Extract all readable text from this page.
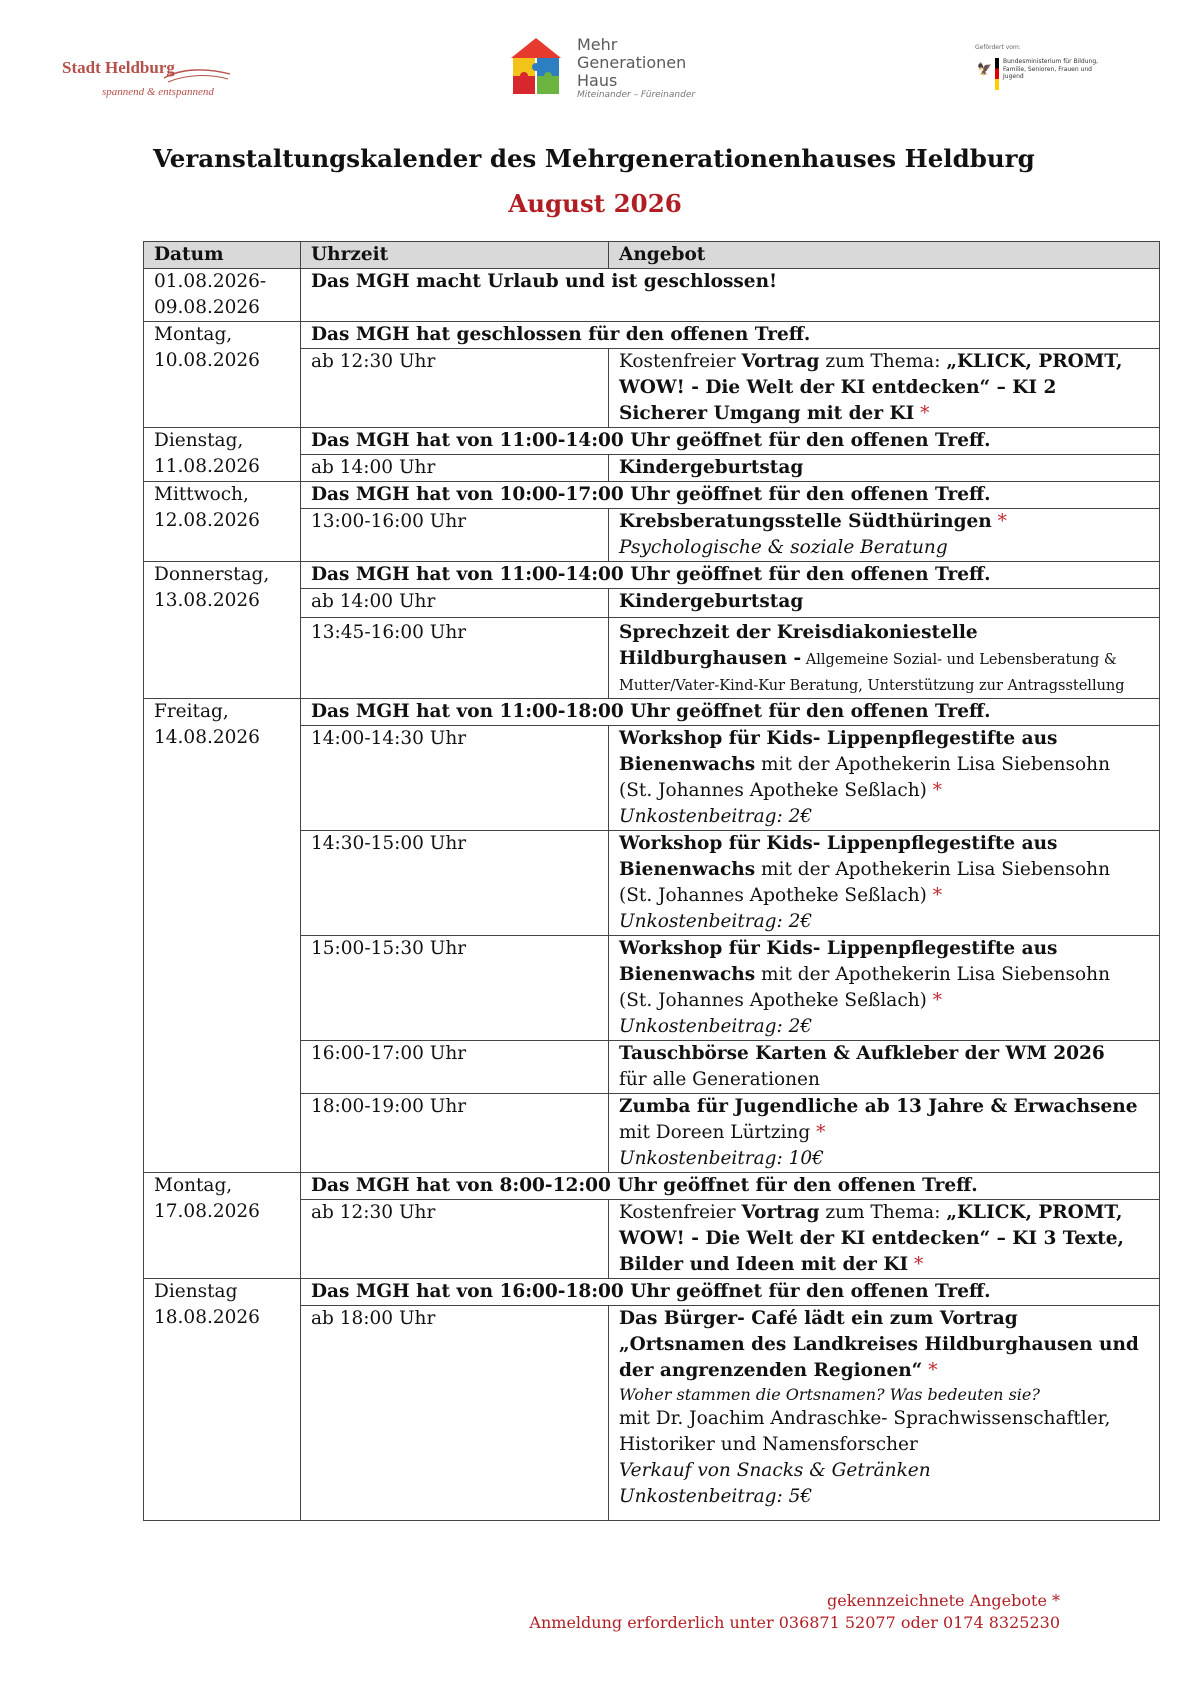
Stadt Heldburg
spannend & entspannend
Mehr
Generationen
Haus
Miteinander – Füreinander
Gefördert vom:
🦅
Bundesministerium für Bildung, Familie, Senioren, Frauen und Jugend
Veranstaltungskalender des Mehrgenerationenhauses Heldburg
August 2026
Datum	Uhrzeit	Angebot

01.08.2026-09.08.2026	Das MGH macht Urlaub und ist geschlossen!	

Montag,
10.08.2026	Das MGH hat geschlossen für den offenen Treff.	
	ab 12:30 Uhr	Kostenfreier Vortrag zum Thema: „KLICK, PROMT, WOW! - Die Welt der KI entdecken“ – KI 2 Sicherer Umgang mit der KI *

Dienstag,
11.08.2026	Das MGH hat von 11:00-14:00 Uhr geöffnet für den offenen Treff.	
	ab 14:00 Uhr	Kindergeburtstag

Mittwoch,
12.08.2026	Das MGH hat von 10:00-17:00 Uhr geöffnet für den offenen Treff.	
	13:00-16:00 Uhr	Krebsberatungsstelle Südthüringen *
Psychologische & soziale Beratung

Donnerstag,
13.08.2026	Das MGH hat von 11:00-14:00 Uhr geöffnet für den offenen Treff.	
	ab 14:00 Uhr	Kindergeburtstag
	13:45-16:00 Uhr	Sprechzeit der Kreisdiakoniestelle Hildburghausen - Allgemeine Sozial- und Lebensberatung & Mutter/Vater-Kind-Kur Beratung, Unterstützung zur Antragsstellung

Freitag,
14.08.2026	Das MGH hat von 11:00-18:00 Uhr geöffnet für den offenen Treff.	
	14:00-14:30 Uhr	Workshop für Kids- Lippenpflegestifte aus Bienenwachs mit der Apothekerin Lisa Siebensohn (St. Johannes Apotheke Seßlach) *
Unkostenbeitrag: 2€

	14:30-15:00 Uhr	Workshop für Kids- Lippenpflegestifte aus Bienenwachs mit der Apothekerin Lisa Siebensohn (St. Johannes Apotheke Seßlach) *
Unkostenbeitrag: 2€

	15:00-15:30 Uhr	Workshop für Kids- Lippenpflegestifte aus Bienenwachs mit der Apothekerin Lisa Siebensohn (St. Johannes Apotheke Seßlach) *
Unkostenbeitrag: 2€

	16:00-17:00 Uhr	Tauschbörse Karten & Aufkleber der WM 2026
für alle Generationen

	18:00-19:00 Uhr	Zumba für Jugendliche ab 13 Jahre & Erwachsene mit Doreen Lürtzing *
Unkostenbeitrag: 10€

Montag,
17.08.2026	Das MGH hat von 8:00-12:00 Uhr geöffnet für den offenen Treff.	
	ab 12:30 Uhr	Kostenfreier Vortrag zum Thema: „KLICK, PROMT, WOW! - Die Welt der KI entdecken“ – KI 3 Texte, Bilder und Ideen mit der KI *

Dienstag
18.08.2026	Das MGH hat von 16:00-18:00 Uhr geöffnet für den offenen Treff.	
	ab 18:00 Uhr	Das Bürger- Café lädt ein zum Vortrag „Ortsnamen des Landkreises Hildburghausen und der angrenzenden Regionen“ *
Woher stammen die Ortsnamen? Was bedeuten sie?
mit Dr. Joachim Andraschke- Sprachwissenschaftler, Historiker und Namensforscher
Verkauf von Snacks & Getränken
Unkostenbeitrag: 5€
gekennzeichnete Angebote *
Anmeldung erforderlich unter 036871 52077 oder 0174 8325230
